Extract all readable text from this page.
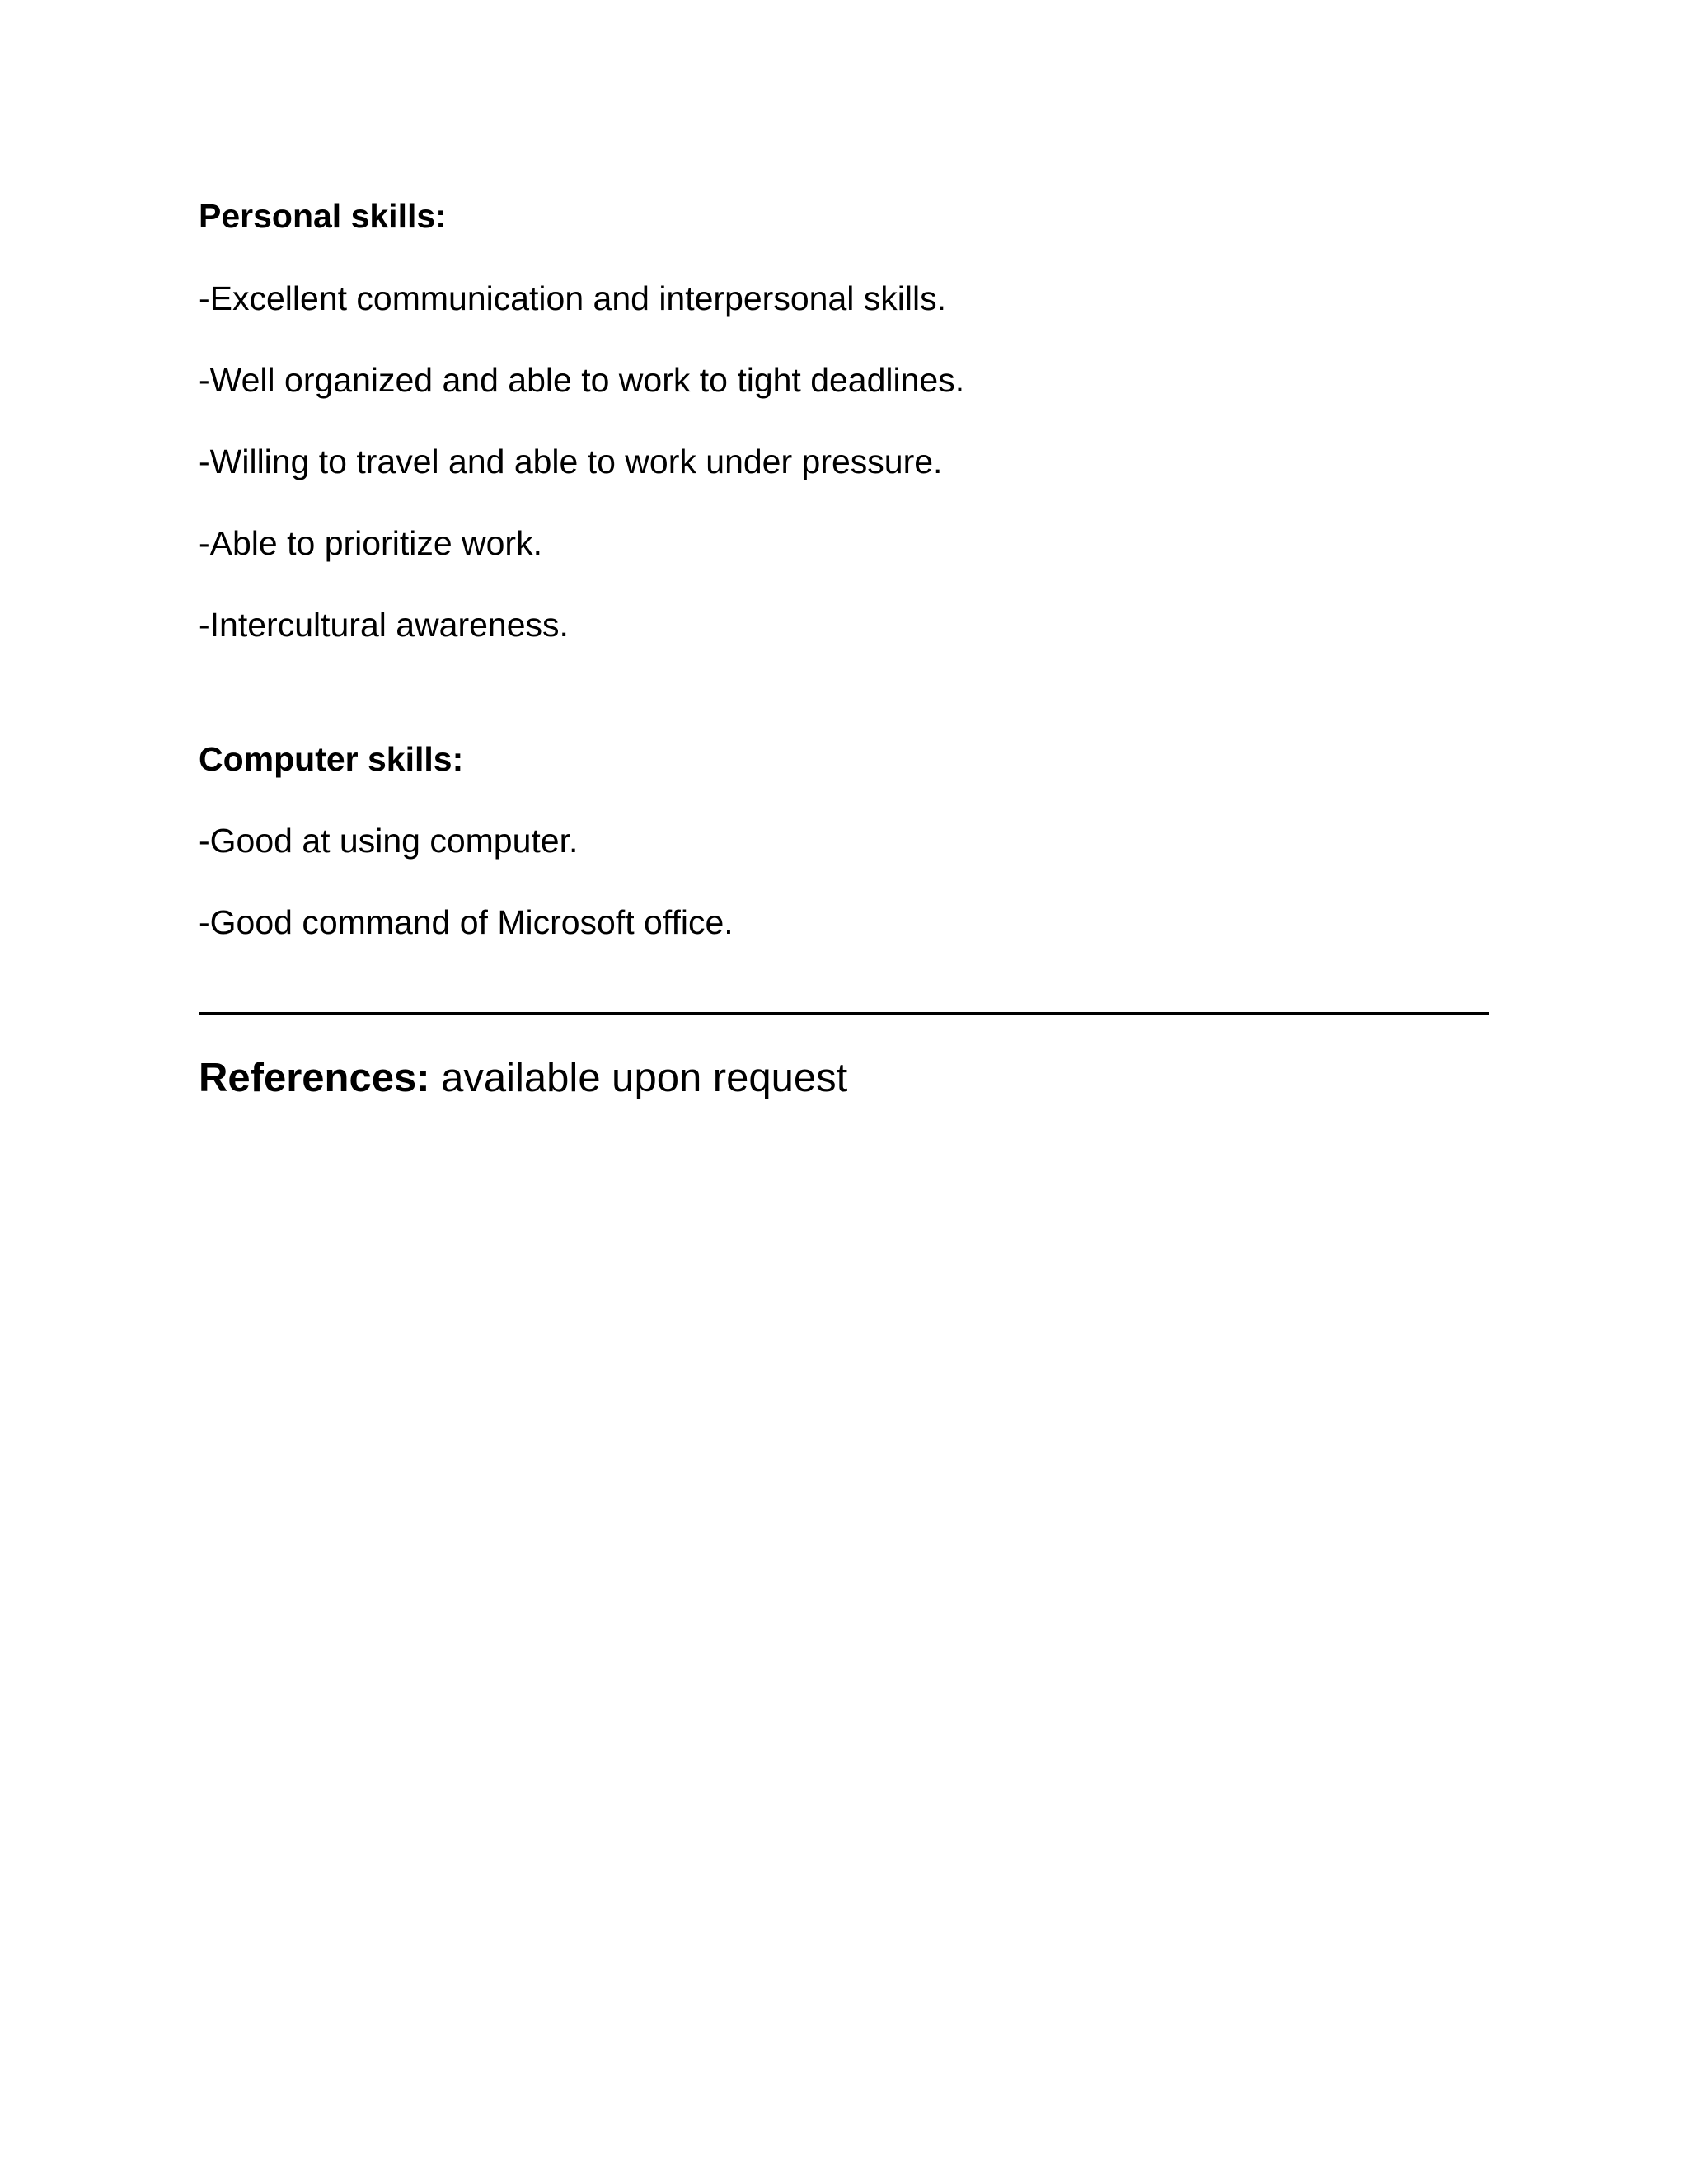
Personal skills:

-Excellent communication and interpersonal skills.

-Well organized and able to work to tight deadlines.

-Willing to travel and able to work under pressure.

-Able to prioritize work.

-Intercultural awareness.

Computer skills:

-Good at using computer.

-Good command of Microsoft office.

References: available upon request
